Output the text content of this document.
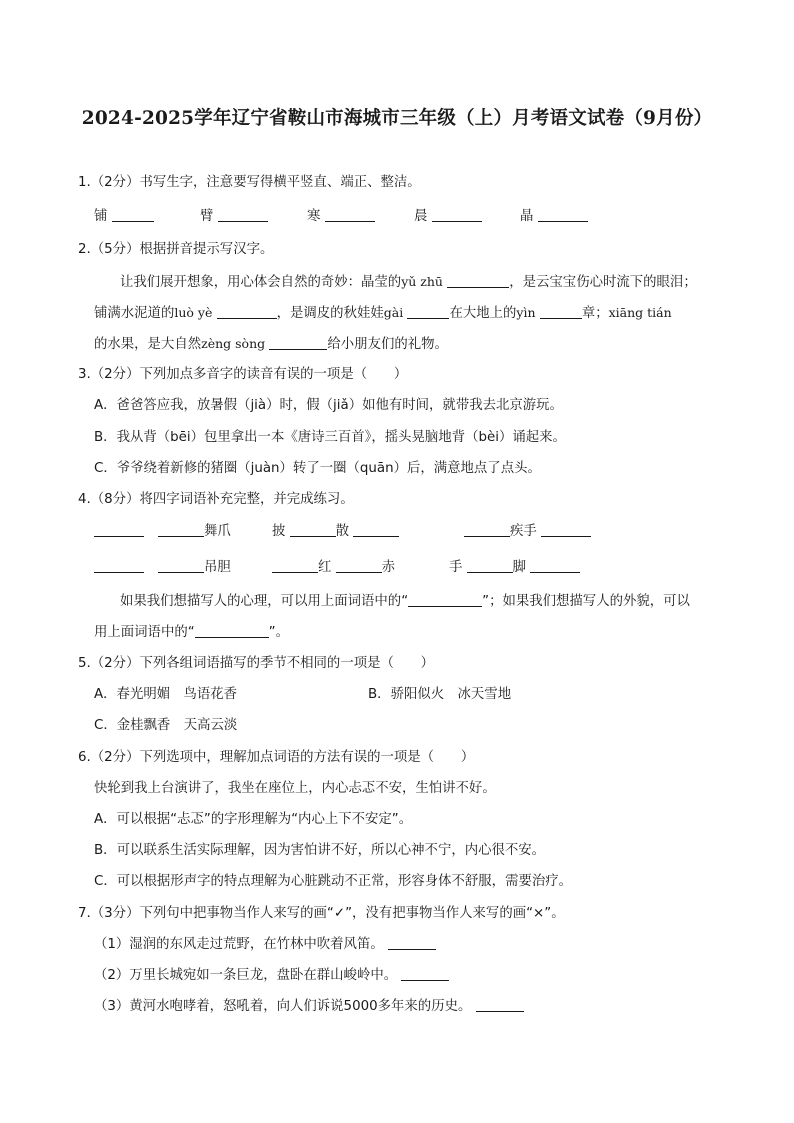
2024-2025学年辽宁省鞍山市海城市三年级（上）月考语文试卷（9月份）
1.（2分）书写生字，注意要写得横平竖直、端正、整洁。
铺	臂	寒	晨	晶
2.（5分）根据拼音提示写汉字。
让我们展开想象，用心体会自然的奇妙：晶莹的yǔ zhū	，是云宝宝伤心时流下的眼泪；
铺满水泥道的luò yè	，是调皮的秋娃娃gài	在大地上的yìn	章；xiāng tián
的水果，是大自然zèng sòng	给小朋友们的礼物。
3.（2分）下列加点多音字的读音有误的一项是（　　）
A．爸爸答应我，放暑假（jià）时，假（jiǎ）如他有时间，就带我去北京游玩。
B．我从背（bēi）包里拿出一本《唐诗三百首》，摇头晃脑地背（bèi）诵起来。
C．爷爷绕着新修的猪圈（juàn）转了一圈（quān）后，满意地点了点头。
4.（8分）将四字词语补充完整，并完成练习。
舞爪	披	散	疾手
吊胆	红	赤	手	脚
如果我们想描写人的心理，可以用上面词语中的“	”；如果我们想描写人的外貌，可以
用上面词语中的“	”。
5.（2分）下列各组词语描写的季节不相同的一项是（　　）
A．春光明媚　鸟语花香	B．骄阳似火　冰天雪地
C．金桂飘香　天高云淡
6.（2分）下列选项中，理解加点词语的方法有误的一项是（　　）
快轮到我上台演讲了，我坐在座位上，内心忐忑不安，生怕讲不好。
A．可以根据“忐忑”的字形理解为“内心上下不安定”。
B．可以联系生活实际理解，因为害怕讲不好，所以心神不宁，内心很不安。
C．可以根据形声字的特点理解为心脏跳动不正常，形容身体不舒服，需要治疗。
7.（3分）下列句中把事物当作人来写的画“✓”，没有把事物当作人来写的画“×”。
（1）湿润的东风走过荒野，在竹林中吹着风笛。
（2）万里长城宛如一条巨龙，盘卧在群山峻岭中。
（3）黄河水咆哮着，怒吼着，向人们诉说5000多年来的历史。
